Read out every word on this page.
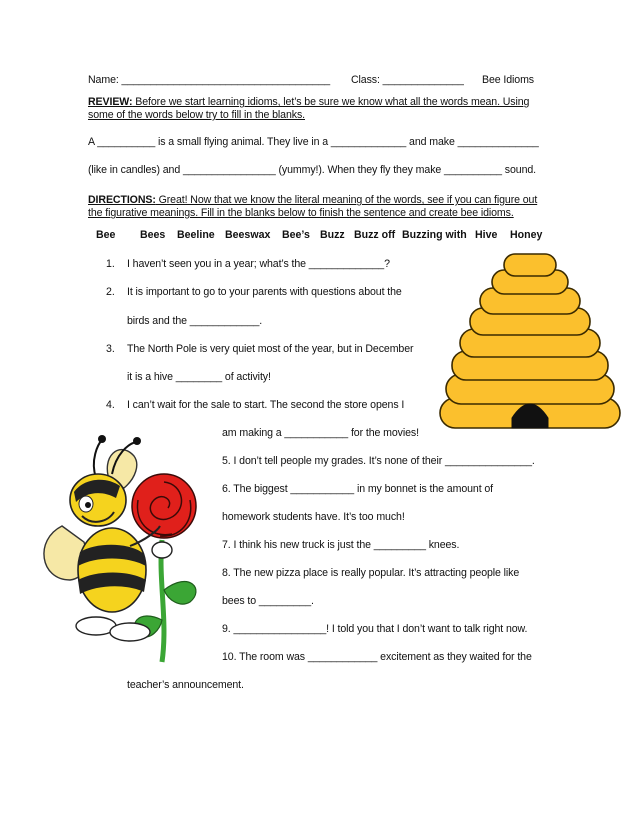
Name: ____________________________________ Class: ______________ Bee Idioms
REVIEW: Before we start learning idioms, let’s be sure we know what all the words mean. Using
some of the words below try to fill in the blanks.
A __________ is a small flying animal. They live in a _____________ and make ______________
(like in candles) and ________________ (yummy!). When they fly they make __________ sound.
DIRECTIONS: Great! Now that we know the literal meaning of the words, see if you can figure out
the figurative meanings. Fill in the blanks below to finish the sentence and create bee idioms.
Bee Bees Beeline Beeswax Bee’s Buzz Buzz off Buzzing with Hive Honey
1. I haven’t seen you in a year; what’s the _____________?
2. It is important to go to your parents with questions about the
birds and the ____________.
3. The North Pole is very quiet most of the year, but in December
it is a hive ________ of activity!
4. I can’t wait for the sale to start. The second the store opens I
am making a ___________ for the movies!
5. I don’t tell people my grades. It’s none of their _______________.
6. The biggest ___________ in my bonnet is the amount of
homework students have. It’s too much!
7. I think his new truck is just the _________ knees.
8. The new pizza place is really popular. It’s attracting people like
bees to _________.
9. ________________! I told you that I don’t want to talk right now.
10. The room was ____________ excitement as they waited for the
teacher’s announcement.
